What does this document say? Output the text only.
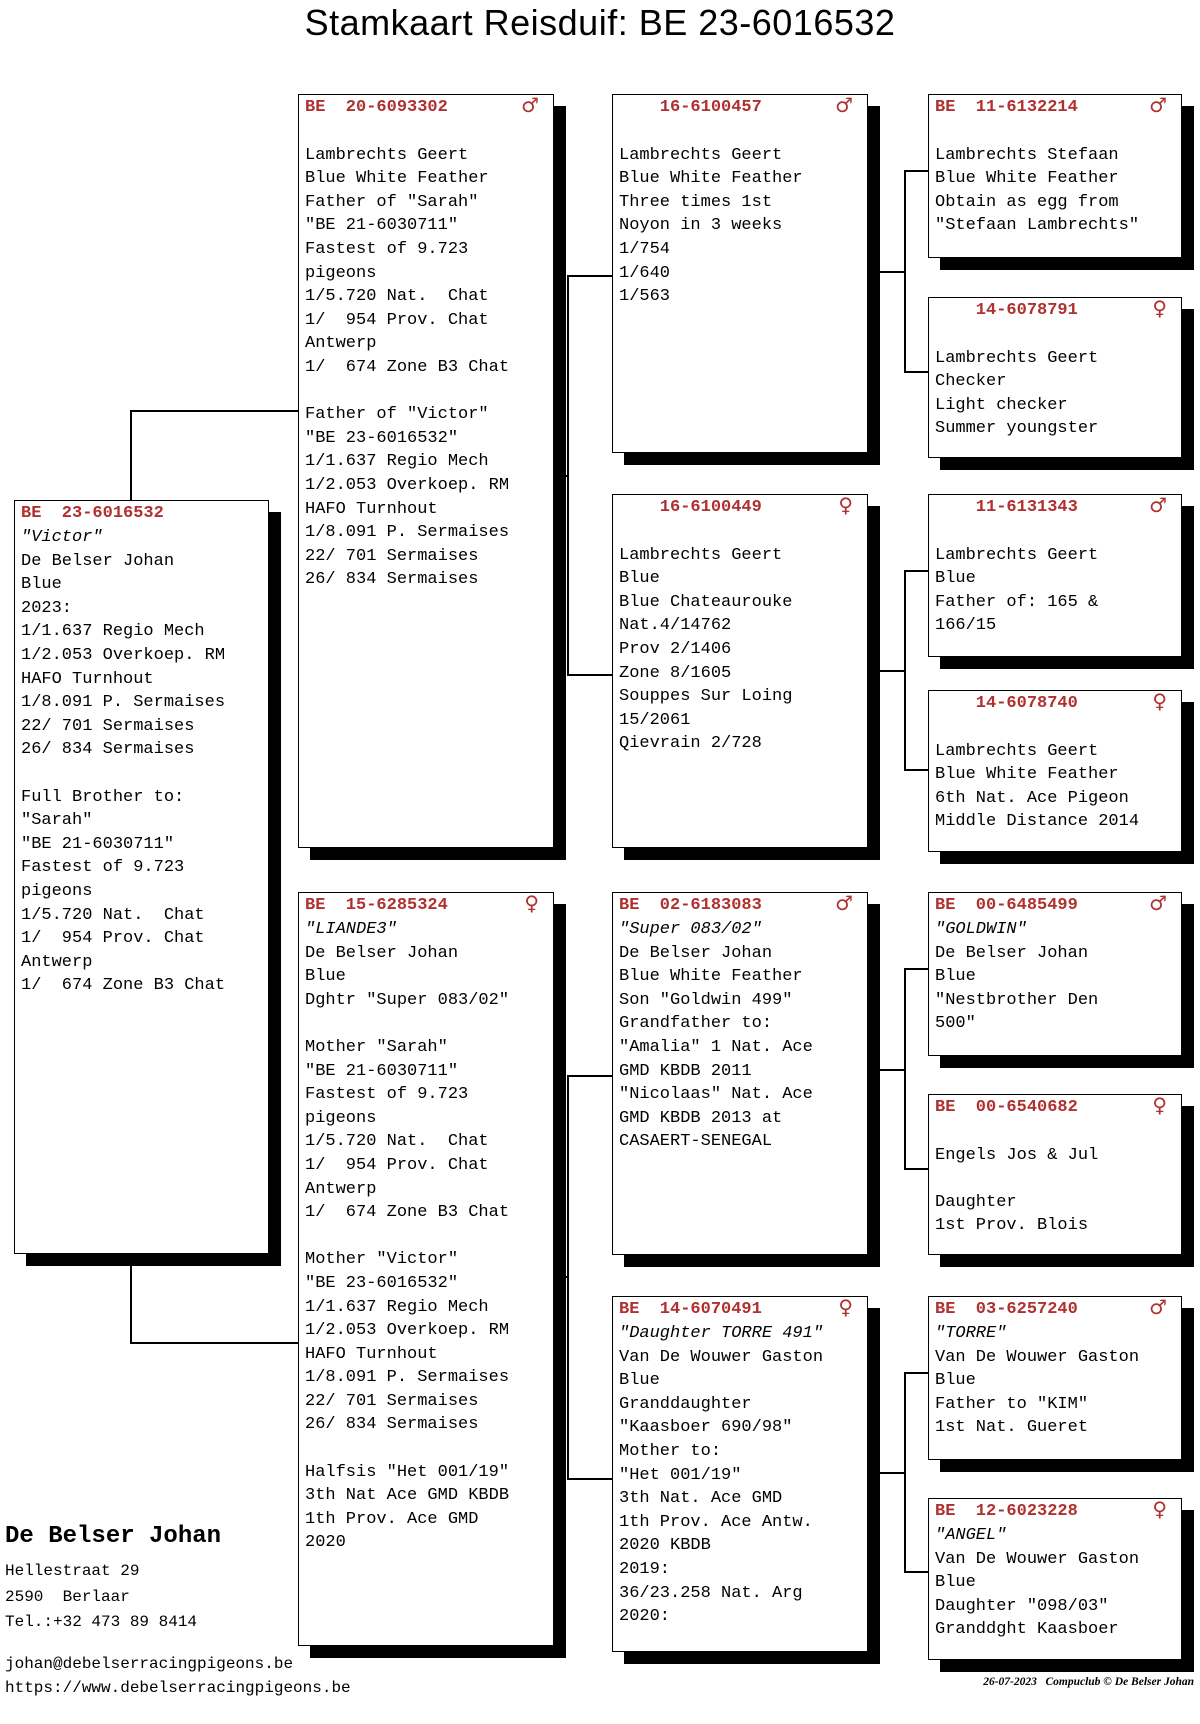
Stamkaart Reisduif: BE 23-6016532
BE  23-6016532
"Victor"
De Belser Johan
Blue
2023:
1/1.637 Regio Mech
1/2.053 Overkoep. RM
HAFO Turnhout
1/8.091 P. Sermaises
22/ 701 Sermaises
26/ 834 Sermaises
Full Brother to:
"Sarah"
"BE 21-6030711"
Fastest of 9.723
pigeons
1/5.720 Nat.  Chat
1/  954 Prov. Chat
Antwerp
1/  674 Zone B3 Chat
BE  20-6093302	♂
Lambrechts Geert
Blue White Feather
Father of "Sarah"
"BE 21-6030711"
Fastest of 9.723
pigeons
1/5.720 Nat.  Chat
1/  954 Prov. Chat
Antwerp
1/  674 Zone B3 Chat
Father of "Victor"
"BE 23-6016532"
1/1.637 Regio Mech
1/2.053 Overkoep. RM
HAFO Turnhout
1/8.091 P. Sermaises
22/ 701 Sermaises
26/ 834 Sermaises
BE  15-6285324	♀
"LIANDE3"
De Belser Johan
Blue
Dghtr "Super 083/02"
Mother "Sarah"
"BE 21-6030711"
Fastest of 9.723
pigeons
1/5.720 Nat.  Chat
1/  954 Prov. Chat
Antwerp
1/  674 Zone B3 Chat
Mother "Victor"
"BE 23-6016532"
1/1.637 Regio Mech
1/2.053 Overkoep. RM
HAFO Turnhout
1/8.091 P. Sermaises
22/ 701 Sermaises
26/ 834 Sermaises
Halfsis "Het 001/19"
3th Nat Ace GMD KBDB
1th Prov. Ace GMD
2020
16-6100457	♂
Lambrechts Geert
Blue White Feather
Three times 1st
Noyon in 3 weeks
1/754
1/640
1/563
16-6100449	♀
Lambrechts Geert
Blue
Blue Chateaurouke
Nat.4/14762
Prov 2/1406
Zone 8/1605
Souppes Sur Loing
15/2061
Qievrain 2/728
BE  02-6183083	♂
"Super 083/02"
De Belser Johan
Blue White Feather
Son "Goldwin 499"
Grandfather to:
"Amalia" 1 Nat. Ace
GMD KBDB 2011
"Nicolaas" Nat. Ace
GMD KBDB 2013 at
CASAERT-SENEGAL
BE  14-6070491	♀
"Daughter TORRE 491"
Van De Wouwer Gaston
Blue
Granddaughter
"Kaasboer 690/98"
Mother to:
"Het 001/19"
3th Nat. Ace GMD
1th Prov. Ace Antw.
2020 KBDB
2019:
36/23.258 Nat. Arg
2020:
BE  11-6132214	♂
Lambrechts Stefaan
Blue White Feather
Obtain as egg from
"Stefaan Lambrechts"
14-6078791	♀
Lambrechts Geert
Checker
Light checker
Summer youngster
11-6131343	♂
Lambrechts Geert
Blue
Father of: 165 &
166/15
14-6078740	♀
Lambrechts Geert
Blue White Feather
6th Nat. Ace Pigeon
Middle Distance 2014
BE  00-6485499	♂
"GOLDWIN"
De Belser Johan
Blue
"Nestbrother Den
500"
BE  00-6540682	♀
Engels Jos & Jul
Daughter
1st Prov. Blois
BE  03-6257240	♂
"TORRE"
Van De Wouwer Gaston
Blue
Father to "KIM"
1st Nat. Gueret
BE  12-6023228	♀
"ANGEL"
Van De Wouwer Gaston
Blue
Daughter "098/03"
Granddght Kaasboer
De Belser Johan
Hellestraat 29
2590  Berlaar
Tel.:+32 473 89 8414
johan@debelserracingpigeons.be
https://www.debelserracingpigeons.be	26-07-2023   Compuclub © De Belser Johan
